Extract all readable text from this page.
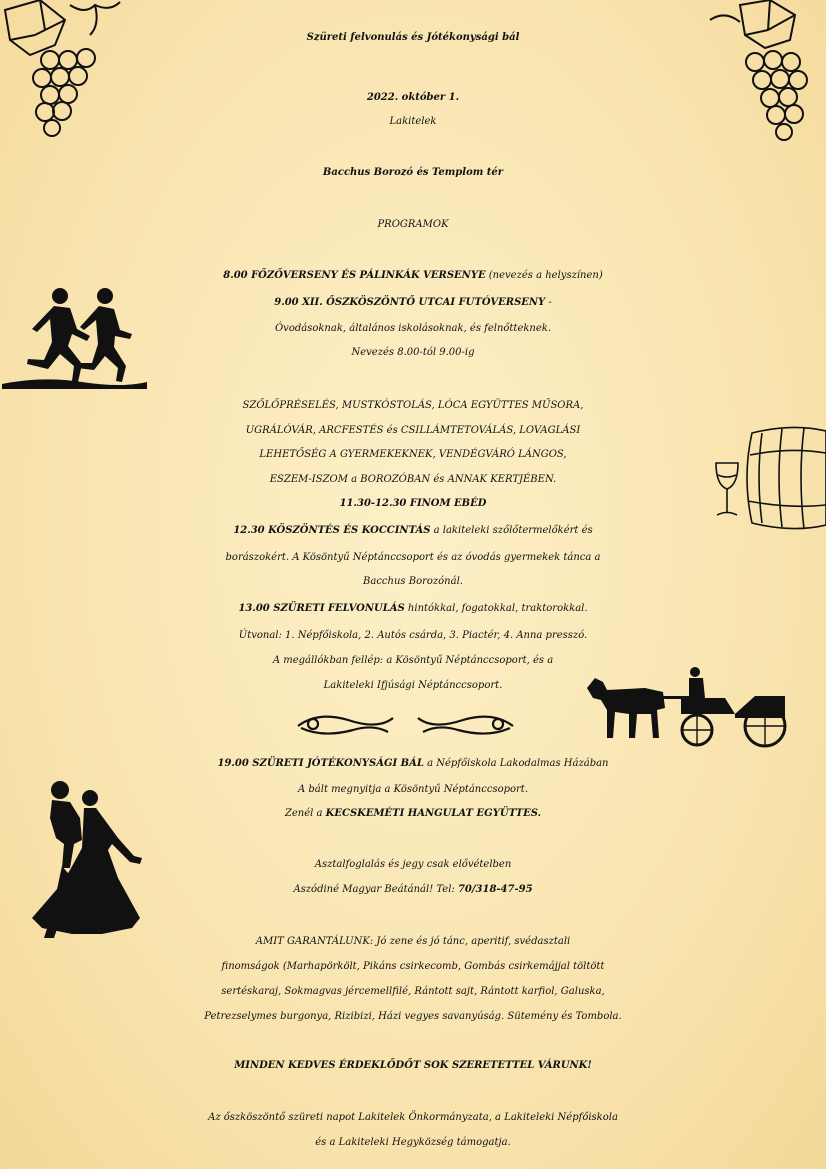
Szüreti felvonulás és Jótékonysági bál
2022. október 1.
Lakitelek
Bacchus Borozó és Templom tér
PROGRAMOK
8.00 FŐZŐVERSENY ÉS PÁLINKÁK VERSENYE (nevezés a helyszínen)
9.00 XII. ŐSZKÖSZÖNTŐ UTCAI FUTÓVERSENY -
Óvodásoknak, általános iskolásoknak, és felnőtteknek.
Nevezés 8.00-tól 9.00-ig
SZŐLŐPRÉSELÉS, MUSTKÓSTOLÁS, LÓCA EGYÜTTES MŰSORA,
UGRÁLÓVÁR, ARCFESTÉS és CSILLÁMTETOVÁLÁS, LOVAGLÁSI
LEHETŐSÉG A GYERMEKEKNEK, VENDÉGVÁRÓ LÁNGOS,
ESZEM-ISZOM a BOROZÓBAN és ANNAK KERTJÉBEN.
11.30-12.30 FINOM EBÉD
12.30 KÖSZÖNTÉS ÉS KOCCINTÁS a lakiteleki szőlőtermelőkért és
borászokért. A Kösöntyű Néptánccsoport és az óvodás gyermekek tánca a
Bacchus Borozónál.
13.00 SZÜRETI FELVONULÁS hintókkal, fogatokkal, traktorokkal.
Útvonal: 1. Népfőiskola, 2. Autós csárda, 3. Piactér, 4. Anna presszó.
A megállókban fellép: a Kösöntyű Néptánccsoport, és a
Lakiteleki Ifjúsági Néptánccsoport.
19.00 SZÜRETI JÓTÉKONYSÁGI BÁL a Népfőiskola Lakodalmas Házában
A bált megnyitja a Kösöntyű Néptánccsoport.
Zenél a KECSKEMÉTI HANGULAT EGYÜTTES.
Asztalfoglalás és jegy csak elővételben
Aszódiné Magyar Beátánál! Tel: 70/318-47-95
AMIT GARANTÁLUNK: Jó zene és jó tánc, aperitif, svédasztali
finomságok (Marhapörkölt, Pikáns csirkecomb, Gombás csirkemájjal töltött
sertéskaraj, Sokmagvas jércemellfilé, Rántott sajt, Rántott karfiol, Galuska,
Petrezselymes burgonya, Rizibizi, Házi vegyes savanyúság. Sütemény és Tombola.
MINDEN KEDVES ÉRDEKLŐDŐT SOK SZERETETTEL VÁRUNK!
Az őszköszöntő szüreti napot Lakitelek Önkormányzata, a Lakiteleki Népfőiskola
és a Lakiteleki Hegyközség támogatja.
